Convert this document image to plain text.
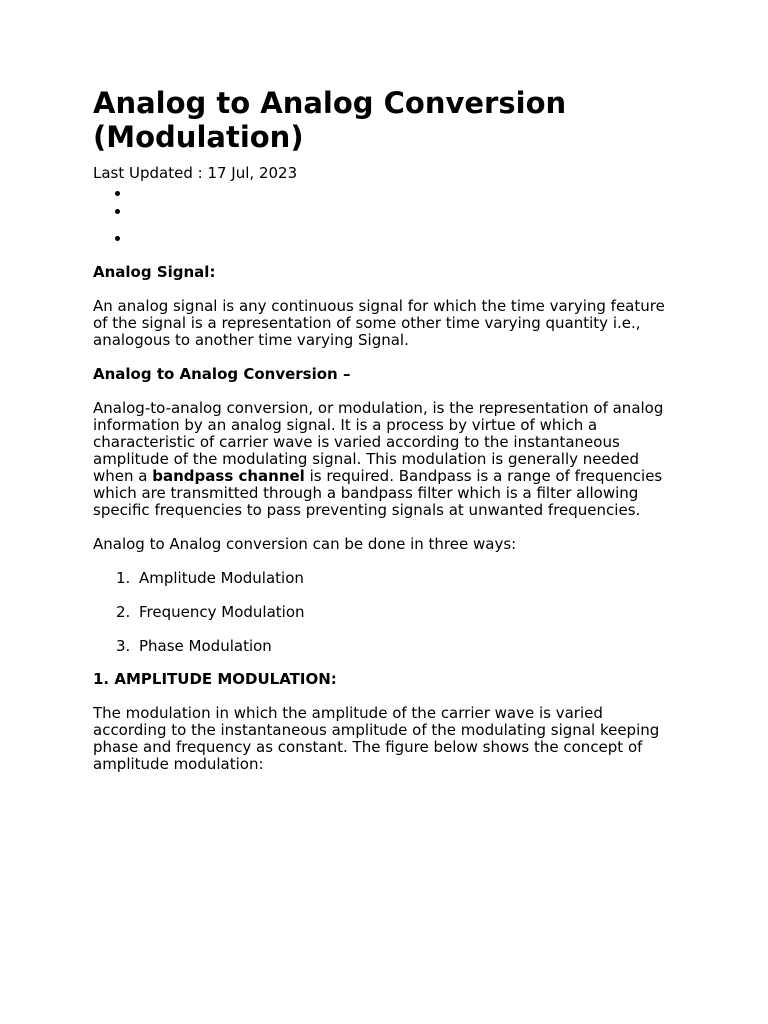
Analog to Analog Conversion (Modulation)
Last Updated : 17 Jul, 2023
Analog Signal:

An analog signal is any continuous signal for which the time varying feature of the signal is a representation of some other time varying quantity i.e., analogous to another time varying Signal.

Analog to Analog Conversion –

Analog-to-analog conversion, or modulation, is the representation of analog information by an analog signal. It is a process by virtue of which a characteristic of carrier wave is varied according to the instantaneous amplitude of the modulating signal. This modulation is generally needed when a bandpass channel is required. Bandpass is a range of frequencies which are transmitted through a bandpass filter which is a filter allowing specific frequencies to pass preventing signals at unwanted frequencies.

Analog to Analog conversion can be done in three ways:

1. Amplitude Modulation
2. Frequency Modulation
3. Phase Modulation
1. AMPLITUDE MODULATION:

The modulation in which the amplitude of the carrier wave is varied according to the instantaneous amplitude of the modulating signal keeping phase and frequency as constant. The figure below shows the concept of amplitude modulation:
